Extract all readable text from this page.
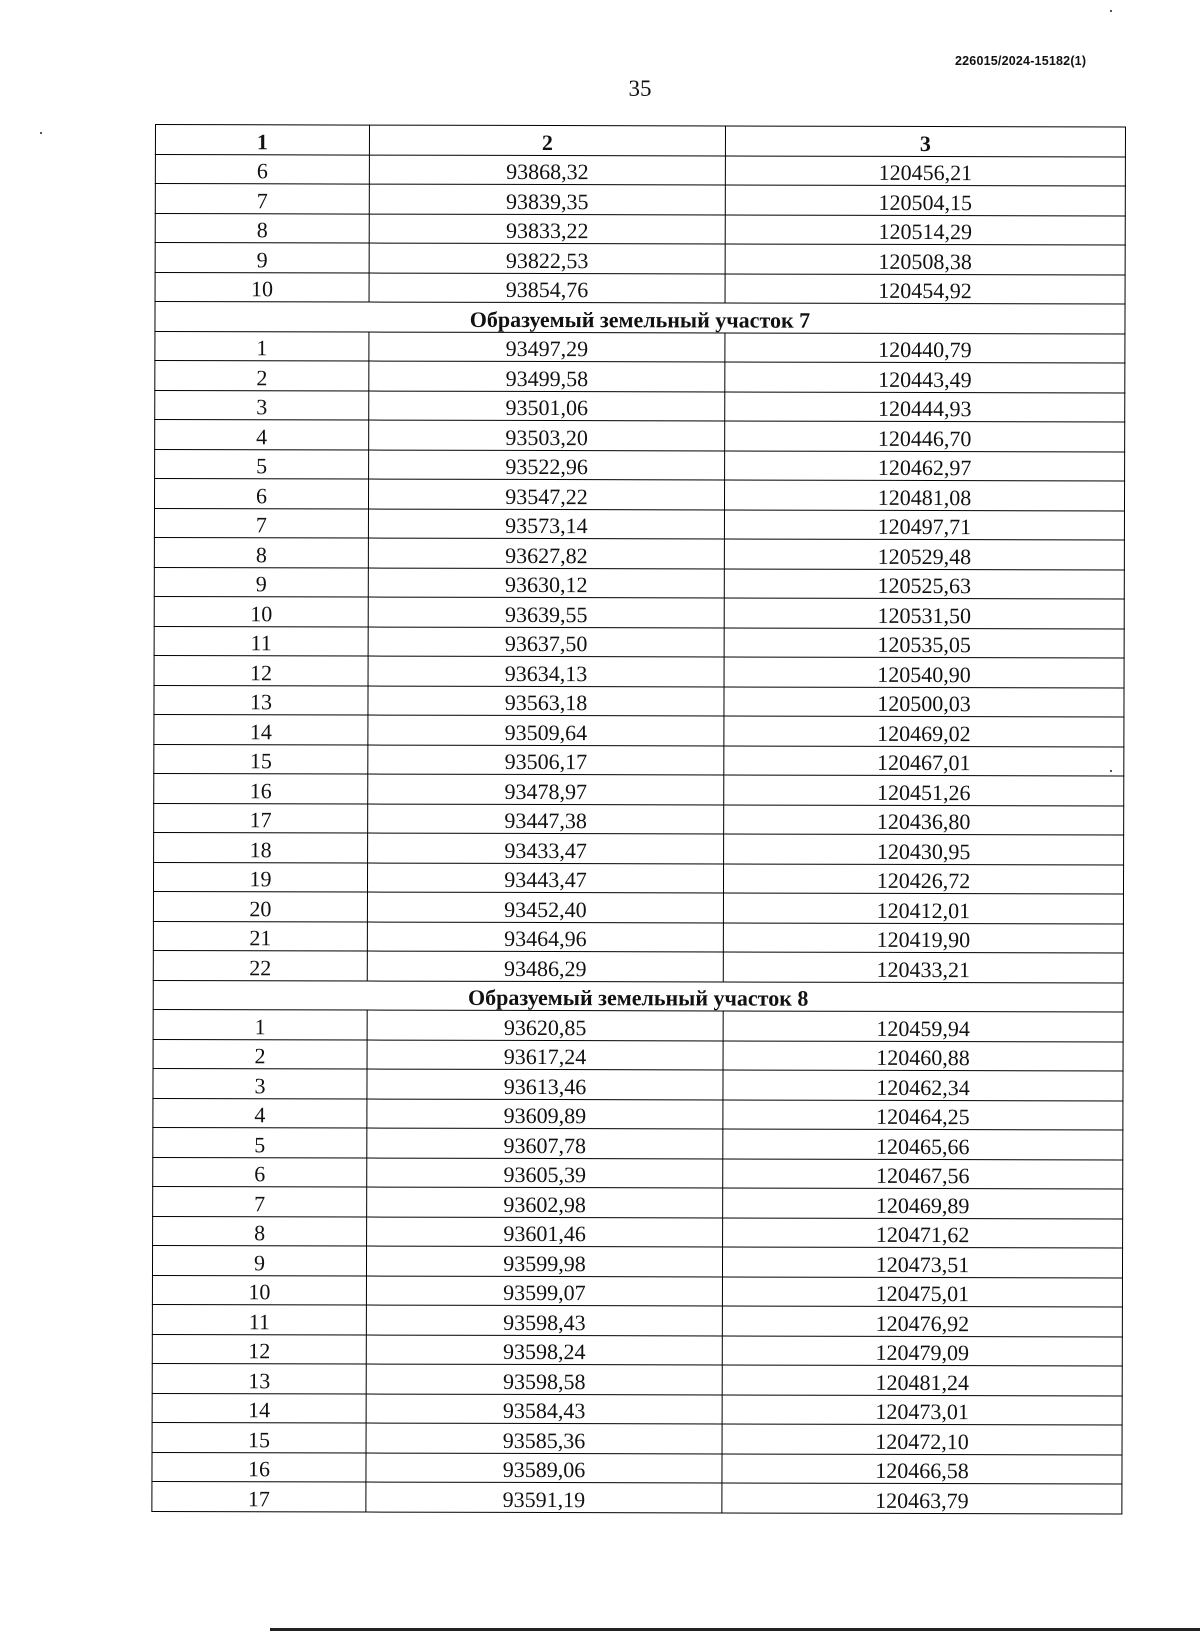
226015/2024-15182(1)
35
1	2	3
6	93868,32	120456,21
7	93839,35	120504,15
8	93833,22	120514,29
9	93822,53	120508,38
10	93854,76	120454,92
Образуемый земельный участок 7		
1	93497,29	120440,79
2	93499,58	120443,49
3	93501,06	120444,93
4	93503,20	120446,70
5	93522,96	120462,97
6	93547,22	120481,08
7	93573,14	120497,71
8	93627,82	120529,48
9	93630,12	120525,63
10	93639,55	120531,50
11	93637,50	120535,05
12	93634,13	120540,90
13	93563,18	120500,03
14	93509,64	120469,02
15	93506,17	120467,01
16	93478,97	120451,26
17	93447,38	120436,80
18	93433,47	120430,95
19	93443,47	120426,72
20	93452,40	120412,01
21	93464,96	120419,90
22	93486,29	120433,21
Образуемый земельный участок 8		
1	93620,85	120459,94
2	93617,24	120460,88
3	93613,46	120462,34
4	93609,89	120464,25
5	93607,78	120465,66
6	93605,39	120467,56
7	93602,98	120469,89
8	93601,46	120471,62
9	93599,98	120473,51
10	93599,07	120475,01
11	93598,43	120476,92
12	93598,24	120479,09
13	93598,58	120481,24
14	93584,43	120473,01
15	93585,36	120472,10
16	93589,06	120466,58
17	93591,19	120463,79
